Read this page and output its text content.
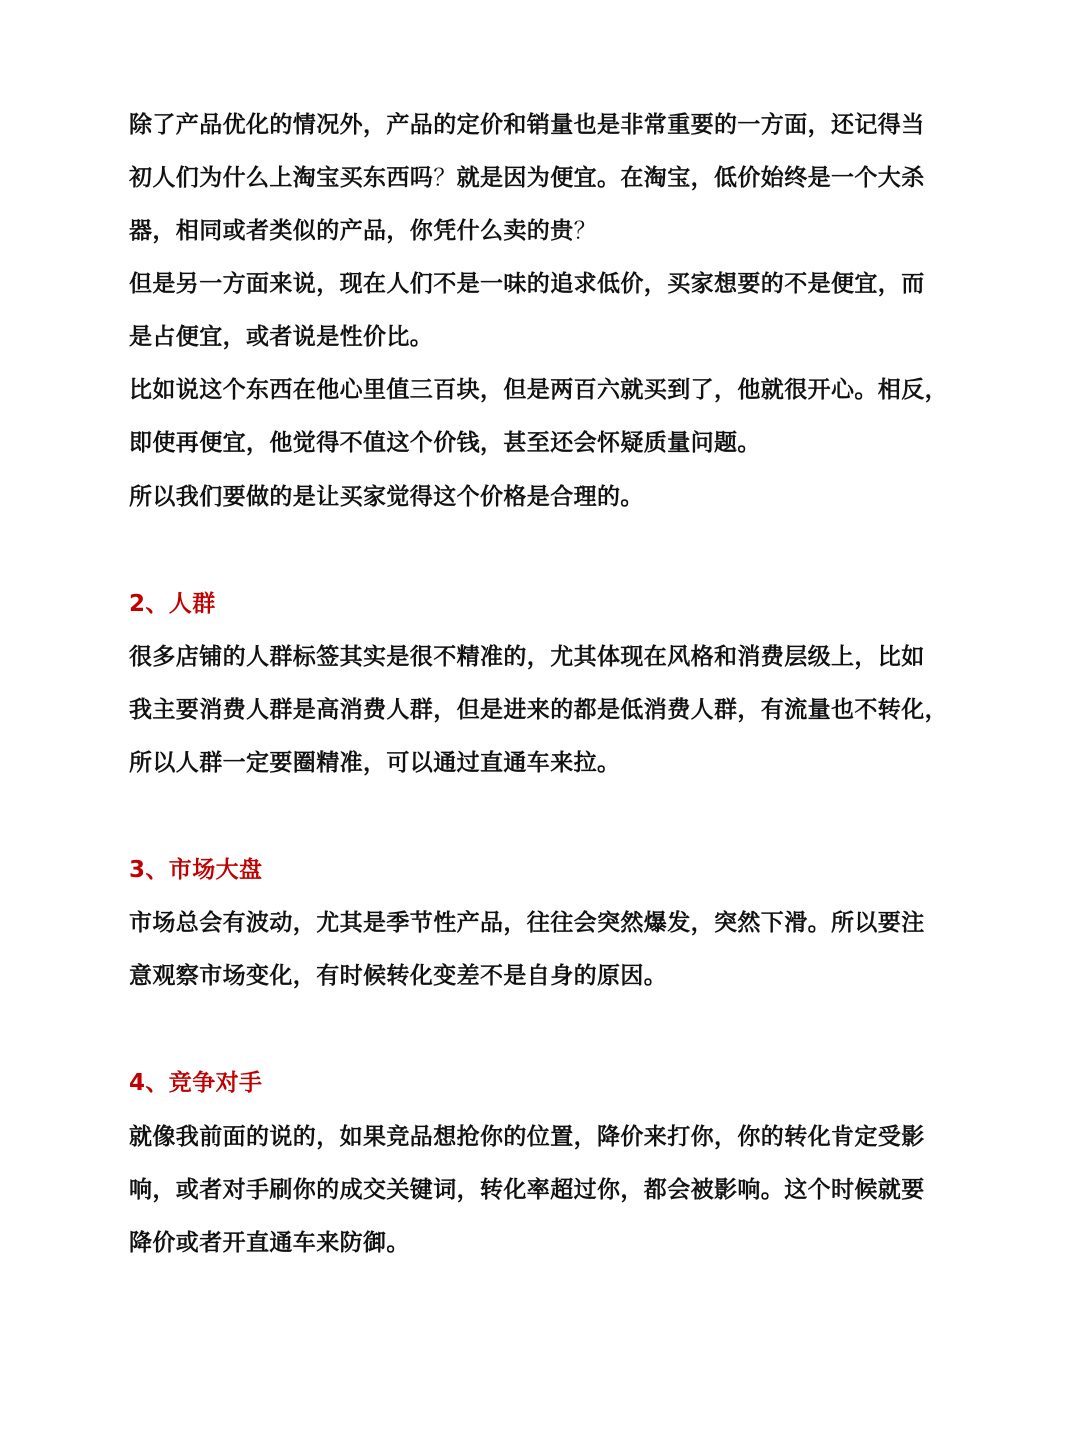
除了产品优化的情况外，产品的定价和销量也是非常重要的一方面，还记得当
初人们为什么上淘宝买东西吗？就是因为便宜。在淘宝，低价始终是一个大杀
器，相同或者类似的产品，你凭什么卖的贵？
但是另一方面来说，现在人们不是一味的追求低价，买家想要的不是便宜，而
是占便宜，或者说是性价比。
比如说这个东西在他心里值三百块，但是两百六就买到了，他就很开心。相反，
即使再便宜，他觉得不值这个价钱，甚至还会怀疑质量问题。
所以我们要做的是让买家觉得这个价格是合理的。
2、人群
很多店铺的人群标签其实是很不精准的，尤其体现在风格和消费层级上，比如
我主要消费人群是高消费人群，但是进来的都是低消费人群，有流量也不转化，
所以人群一定要圈精准，可以通过直通车来拉。
3、市场大盘
市场总会有波动，尤其是季节性产品，往往会突然爆发，突然下滑。所以要注
意观察市场变化，有时候转化变差不是自身的原因。
4、竞争对手
就像我前面的说的，如果竞品想抢你的位置，降价来打你，你的转化肯定受影
响，或者对手刷你的成交关键词，转化率超过你，都会被影响。这个时候就要
降价或者开直通车来防御。
